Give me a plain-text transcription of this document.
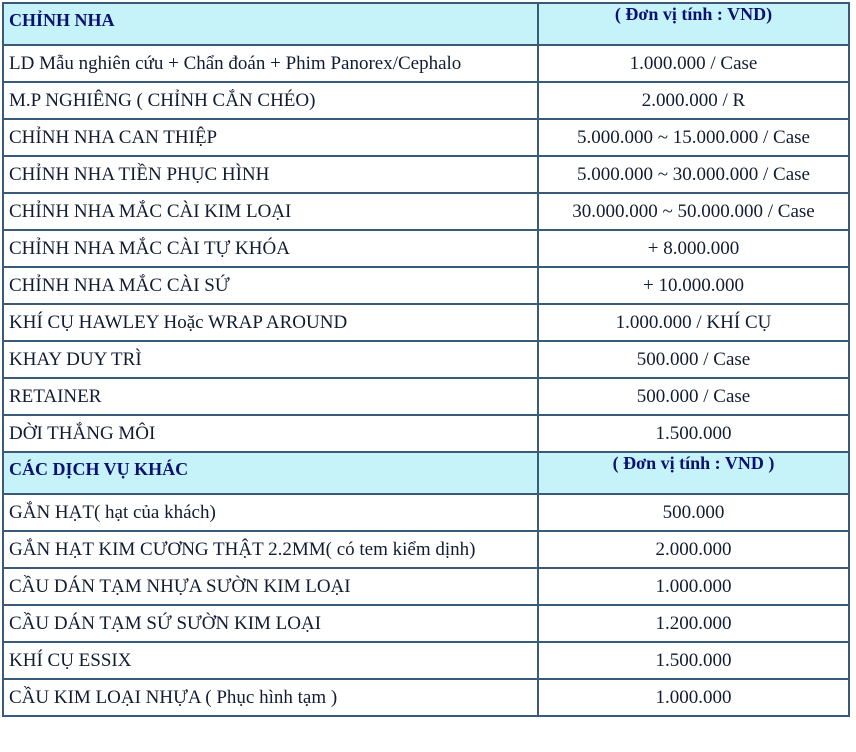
CHỈNH NHA	( Đơn vị tính : VND)
LD Mẫu nghiên cứu + Chẩn đoán + Phim Panorex/Cephalo	1.000.000 / Case
M.P NGHIÊNG ( CHỈNH CẮN CHÉO)	2.000.000 / R
CHỈNH NHA CAN THIỆP	5.000.000 ~ 15.000.000 / Case
CHỈNH NHA TIỀN PHỤC HÌNH	5.000.000 ~ 30.000.000 / Case
CHỈNH NHA MẮC CÀI KIM LOẠI	30.000.000 ~ 50.000.000 / Case
CHỈNH NHA MẮC CÀI TỰ KHÓA	+ 8.000.000
CHỈNH NHA MẮC CÀI SỨ	+ 10.000.000
KHÍ CỤ HAWLEY Hoặc WRAP AROUND	1.000.000 / KHÍ CỤ
KHAY DUY TRÌ	500.000 / Case
RETAINER	500.000 / Case
DỜI THẮNG MÔI	1.500.000
CÁC DỊCH VỤ KHÁC	( Đơn vị tính : VND )
GẮN HẠT( hạt của khách)	500.000
GẮN HẠT KIM CƯƠNG THẬT 2.2MM( có tem kiểm dịnh)	2.000.000
CẦU DÁN TẠM NHỰA SƯỜN KIM LOẠI	1.000.000
CẦU DÁN TẠM SỨ SƯỜN KIM LOẠI	1.200.000
KHÍ CỤ ESSIX	1.500.000
CẦU KIM LOẠI NHỰA ( Phục hình tạm )	1.000.000
